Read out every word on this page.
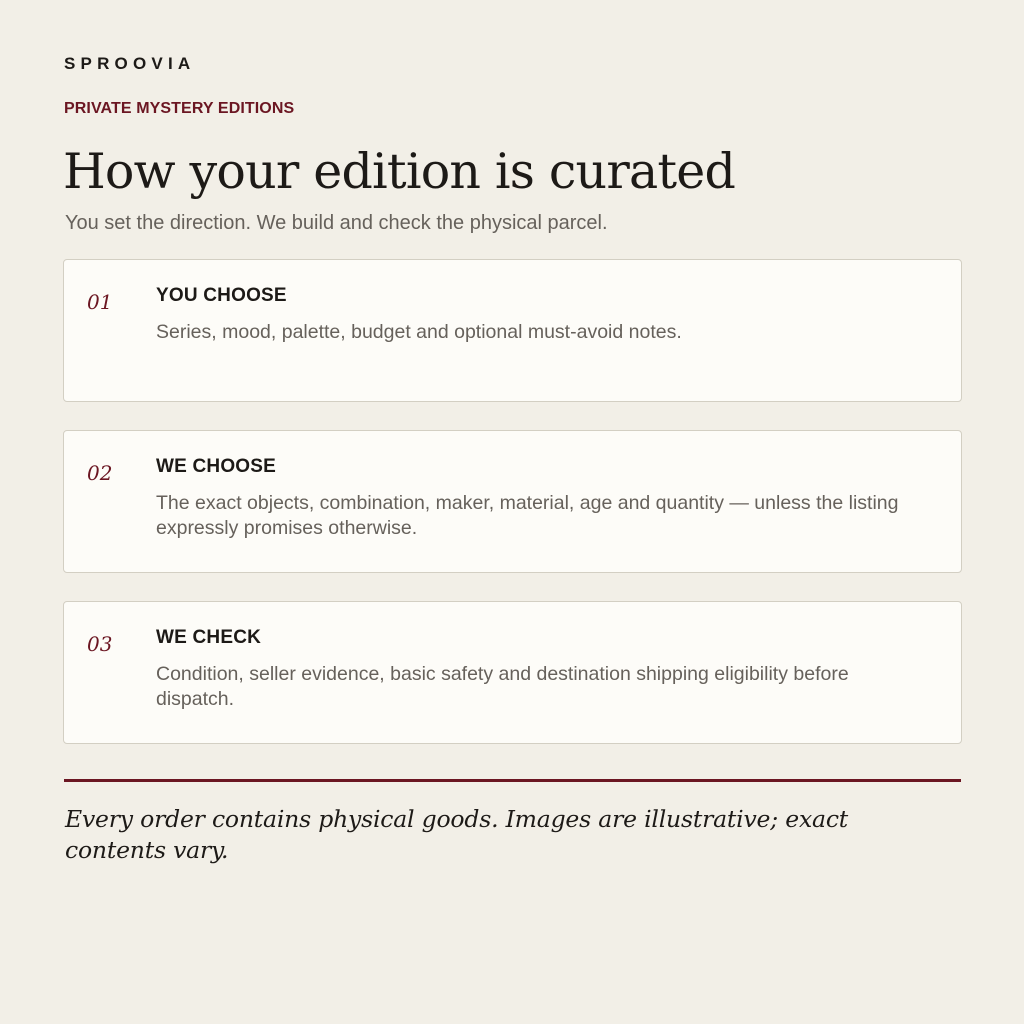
SPROOVIA
PRIVATE MYSTERY EDITIONS
How your edition is curated
You set the direction. We build and check the physical parcel.
01 YOU CHOOSE
Series, mood, palette, budget and optional must-avoid notes.
02 WE CHOOSE
The exact objects, combination, maker, material, age and quantity — unless the listing expressly promises otherwise.
03 WE CHECK
Condition, seller evidence, basic safety and destination shipping eligibility before dispatch.
Every order contains physical goods. Images are illustrative; exact contents vary.
